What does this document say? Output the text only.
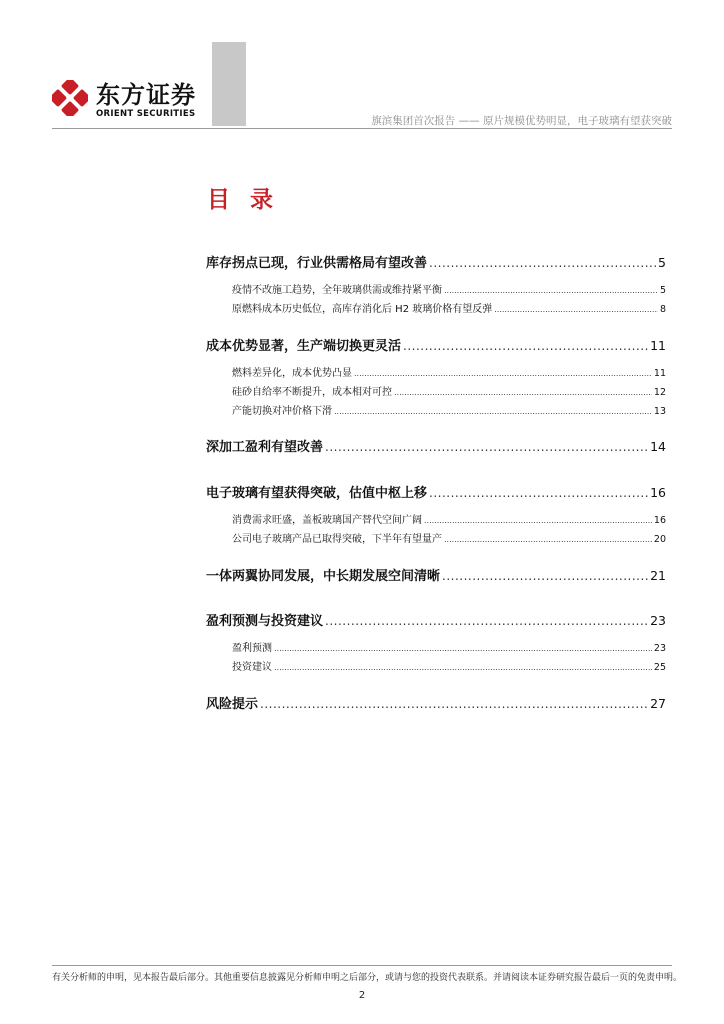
东方证券
ORIENT SECURITIES
旗滨集团首次报告 —— 原片规模优势明显，电子玻璃有望获突破
目 录
库存拐点已现，行业供需格局有望改善 .....	5
疫情不改施工趋势，全年玻璃供需或维持紧平衡 .....	5
原燃料成本历史低位，高库存消化后 H2 玻璃价格有望反弹 .....	8
成本优势显著，生产端切换更灵活 .....	11
燃料差异化，成本优势凸显 .....	11
硅砂自给率不断提升，成本相对可控 .....	12
产能切换对冲价格下滑 .....	13
深加工盈利有望改善 .....	14
电子玻璃有望获得突破，估值中枢上移 .....	16
消费需求旺盛，盖板玻璃国产替代空间广阔 .....	16
公司电子玻璃产品已取得突破，下半年有望量产 .....	20
一体两翼协同发展，中长期发展空间清晰 .....	21
盈利预测与投资建议 .....	23
盈利预测 .....	23
投资建议 .....	25
风险提示 .....	27
有关分析师的申明，见本报告最后部分。其他重要信息披露见分析师申明之后部分，或请与您的投资代表联系。并请阅读本证券研究报告最后一页的免责申明。
2
